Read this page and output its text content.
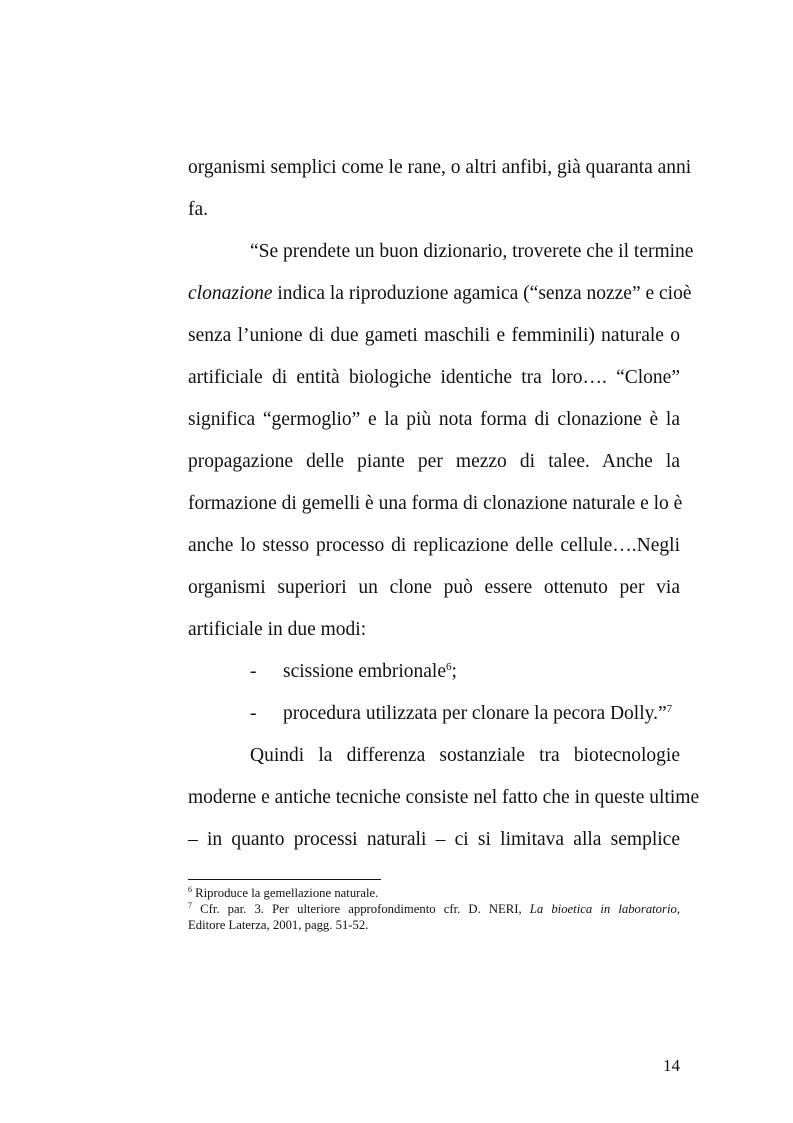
organismi semplici come le rane, o altri anfibi, già quaranta anni
fa.
“Se prendete un buon dizionario, troverete che il termine
clonazione indica la riproduzione agamica (“senza nozze” e cioè
senza l’unione di due gameti maschili e femminili) naturale o
artificiale di entità biologiche identiche tra loro…. “Clone”
significa “germoglio” e la più nota forma di clonazione è la
propagazione delle piante per mezzo di talee. Anche la
formazione di gemelli è una forma di clonazione naturale e lo è
anche lo stesso processo di replicazione delle cellule….Negli
organismi superiori un clone può essere ottenuto per via
artificiale in due modi:
- scissione embrionale$^6$;
- procedura utilizzata per clonare la pecora Dolly.”$^7$
Quindi la differenza sostanziale tra biotecnologie
moderne e antiche tecniche consiste nel fatto che in queste ultime
– in quanto processi naturali – ci si limitava alla semplice
$^6$ Riproduce la gemellazione naturale.
$^7$ Cfr. par. 3. Per ulteriore approfondimento cfr. D. NERI, La bioetica in laboratorio,
Editore Laterza, 2001, pagg. 51-52.
14
